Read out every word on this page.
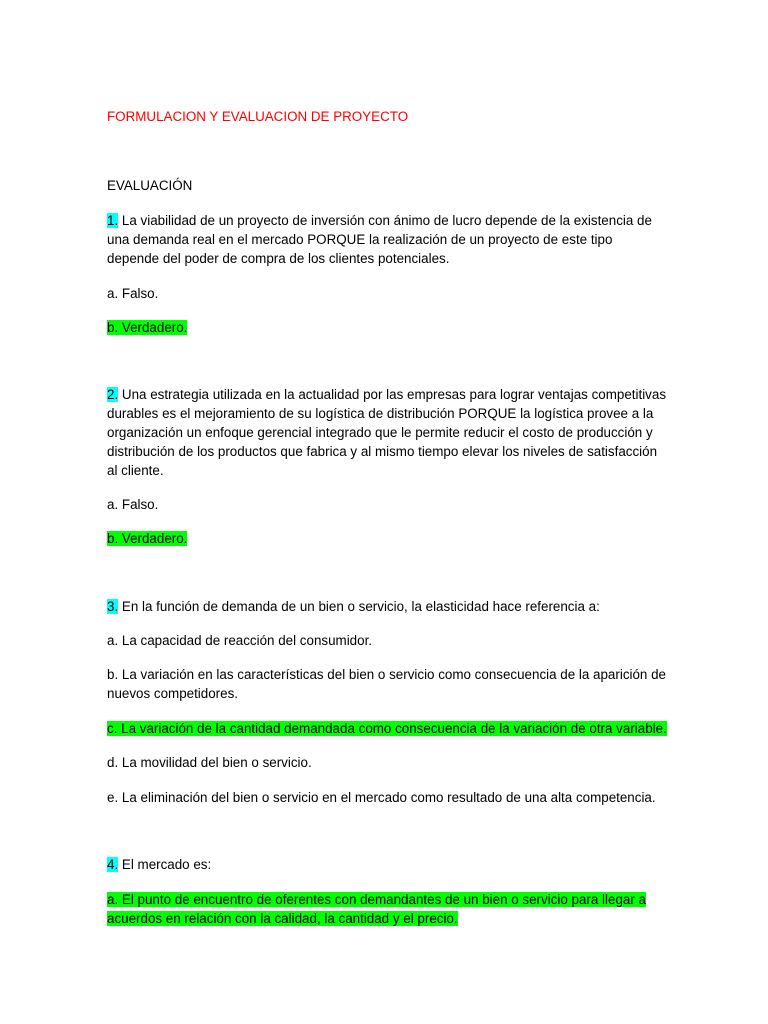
FORMULACION Y EVALUACION DE PROYECTO
EVALUACIÓN
1. La viabilidad de un proyecto de inversión con ánimo de lucro depende de la existencia de una demanda real en el mercado PORQUE la realización de un proyecto de este tipo depende del poder de compra de los clientes potenciales.
a. Falso.
b. Verdadero.
2. Una estrategia utilizada en la actualidad por las empresas para lograr ventajas competitivas durables es el mejoramiento de su logística de distribución PORQUE la logística provee a la organización un enfoque gerencial integrado que le permite reducir el costo de producción y distribución de los productos que fabrica y al mismo tiempo elevar los niveles de satisfacción al cliente.
a. Falso.
b. Verdadero.
3. En la función de demanda de un bien o servicio, la elasticidad hace referencia a:
a. La capacidad de reacción del consumidor.
b. La variación en las características del bien o servicio como consecuencia de la aparición de nuevos competidores.
c. La variación de la cantidad demandada como consecuencia de la variación de otra variable.
d. La movilidad del bien o servicio.
e. La eliminación del bien o servicio en el mercado como resultado de una alta competencia.
4. El mercado es:
a. El punto de encuentro de oferentes con demandantes de un bien o servicio para llegar a acuerdos en relación con la calidad, la cantidad y el precio.
